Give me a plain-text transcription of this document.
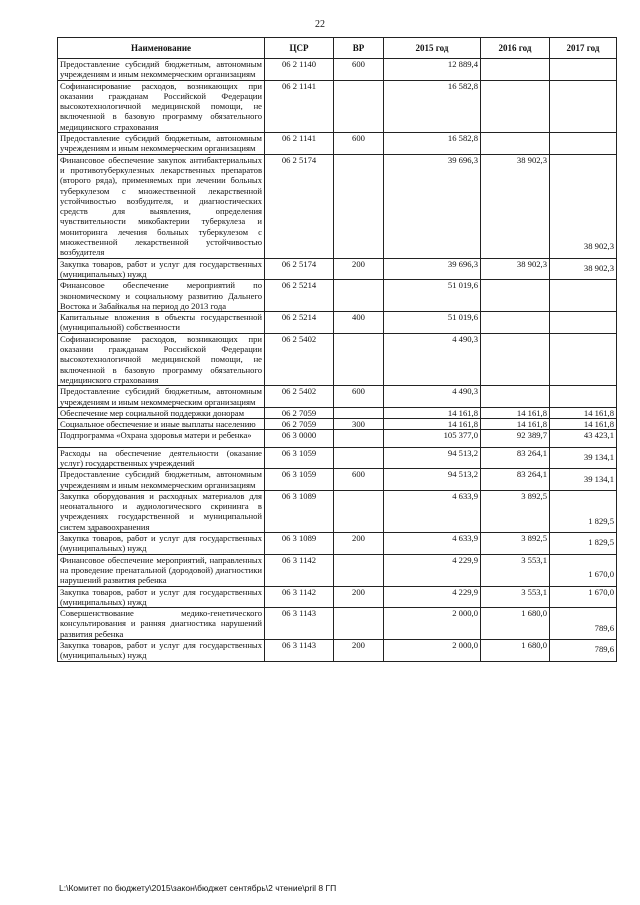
22
Наименование	ЦСР	ВР	2015 год	2016 год	2017 год
Предоставление субсидий бюджетным, автономным учреждениям и иным некоммерческим организациям	06 2 1140	600	12 889,4		
Софинансирование расходов, возникающих при оказании гражданам Российской Федерации высокотехнологичной медицинской помощи, не включенной в базовую программу обязательного медицинского страхования	06 2 1141		16 582,8		
Предоставление субсидий бюджетным, автономным учреждениям и иным некоммерческим организациям	06 2 1141	600	16 582,8		
Финансовое обеспечение закупок антибактериальных и противотуберкулезных лекарственных препаратов (второго ряда), применяемых при лечении больных туберкулезом с множественной лекарственной устойчивостью возбудителя, и диагностических средств для выявления, определения чувствительности микобактерии туберкулеза и мониторинга лечения больных туберкулезом с множественной лекарственной устойчивостью возбудителя	06 2 5174		39 696,3	38 902,3	38 902,3
Закупка товаров, работ и услуг для государственных (муниципальных) нужд	06 2 5174	200	39 696,3	38 902,3	38 902,3
Финансовое обеспечение мероприятий по экономическому и социальному развитию Дальнего Востока и Забайкалья на период до 2013 года	06 2 5214		51 019,6		
Капитальные вложения в объекты государственной (муниципальной) собственности	06 2 5214	400	51 019,6		
Софинансирование расходов, возникающих при оказании гражданам Российской Федерации высокотехнологичной медицинской помощи, не включенной в базовую программу обязательного медицинского страхования	06 2 5402		4 490,3		
Предоставление субсидий бюджетным, автономным учреждениям и иным некоммерческим организациям	06 2 5402	600	4 490,3		
Обеспечение мер социальной поддержки донорам	06 2 7059		14 161,8	14 161,8	14 161,8
Социальное обеспечение и иные выплаты населению	06 2 7059	300	14 161,8	14 161,8	14 161,8
Подпрограмма «Охрана здоровья матери и ребенка»	06 3 0000		105 377,0	92 389,7	43 423,1
Расходы на обеспечение деятельности (оказание услуг) государственных учреждений	06 3 1059		94 513,2	83 264,1	39 134,1
Предоставление субсидий бюджетным, автономным учреждениям и иным некоммерческим организациям	06 3 1059	600	94 513,2	83 264,1	39 134,1
Закупка оборудования и расходных материалов для неонатального и аудиологического скрининга в учреждениях государственной и муниципальной систем здравоохранения	06 3 1089		4 633,9	3 892,5	1 829,5
Закупка товаров, работ и услуг для государственных (муниципальных) нужд	06 3 1089	200	4 633,9	3 892,5	1 829,5
Финансовое обеспечение мероприятий, направленных на проведение пренатальной (дородовой) диагностики нарушений развития ребенка	06 3 1142		4 229,9	3 553,1	1 670,0
Закупка товаров, работ и услуг для государственных (муниципальных) нужд	06 3 1142	200	4 229,9	3 553,1	1 670,0
Совершенствование медико-генетического консультирования и ранняя диагностика нарушений развития ребенка	06 3 1143		2 000,0	1 680,0	789,6
Закупка товаров, работ и услуг для государственных (муниципальных) нужд	06 3 1143	200	2 000,0	1 680,0	789,6
L:\Комитет по бюджету\2015\закон\бюджет сентябрь\2 чтение\pril 8 ГП
